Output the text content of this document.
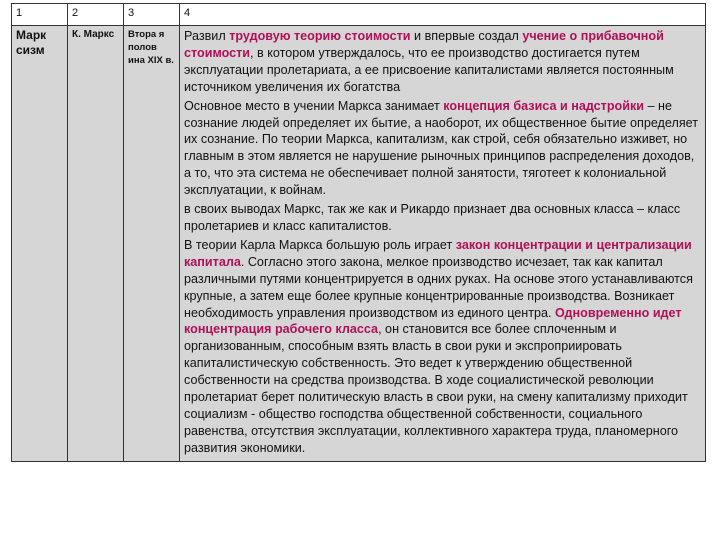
1	2	3	4

Марк сизм	К. Маркс	Втора я полов ина XIX в.	Развил трудовую теорию стоимости и впервые создал учение о прибавочной стоимости, в котором утверждалось, что ее производство достигается путем эксплуатации пролетариата, а ее присвоение капиталистами является постоянным источником увеличения их богатства

Основное место в учении Маркса занимает концепция базиса и надстройки – не сознание людей определяет их бытие, а наоборот, их общественное бытие определяет их сознание. По теории Маркса, капитализм, как строй, себя обязательно изживет, но главным в этом является не нарушение рыночных принципов распределения доходов, а то, что эта система не обеспечивает полной занятости, тяготеет к колониальной эксплуатации, к войнам.

в своих выводах Маркс, так же как и Рикардо признает два основных класса – класс пролетариев и класс капиталистов.

В теории Карла Маркса большую роль играет закон концентрации и централизации капитала. Согласно этого закона, мелкое производство исчезает, так как капитал различными путями концентрируется в одних руках. На основе этого устанавливаются крупные, а затем еще более крупные концентрированные производства. Возникает необходимость управления производством из единого центра. Одновременно идет концентрация рабочего класса, он становится все более сплоченным и организованным, способным взять власть в свои руки и экспроприировать капиталистическую собственность. Это ведет к утверждению общественной собственности на средства производства. В ходе социалистической революции пролетариат берет политическую власть в свои руки, на смену капитализму приходит социализм - общество господства общественной собственности, социального равенства, отсутствия эксплуатации, коллективного характера труда, планомерного развития экономики.
